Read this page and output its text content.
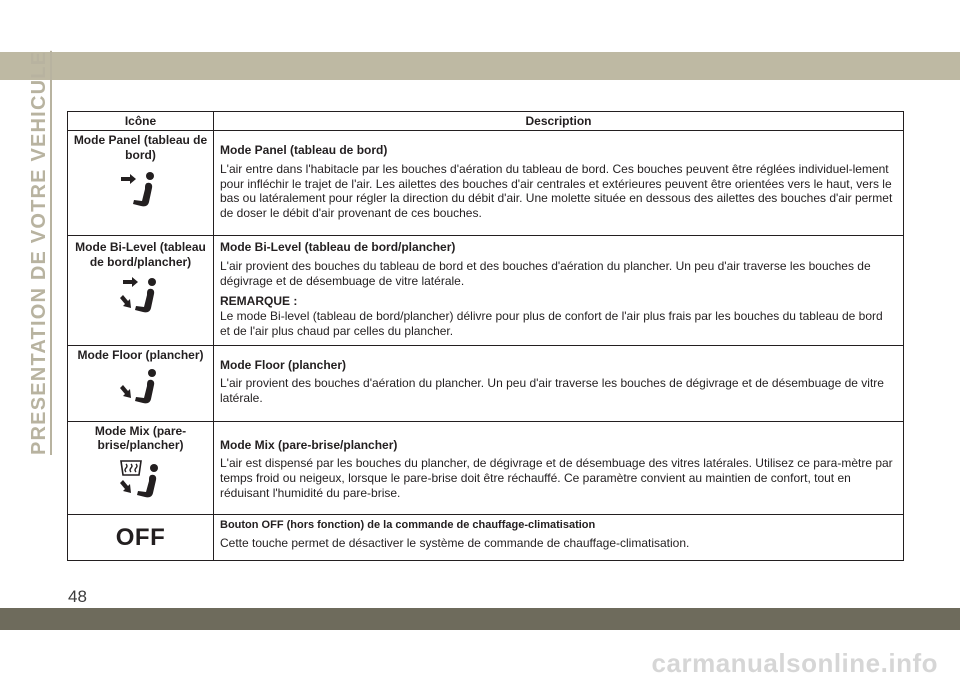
PRESENTATION DE VOTRE VEHICULE	Icône	Description

Mode Panel (tableau de bord)	Mode Panel (tableau de bord)

L'air entre dans l'habitacle par les bouches d'aération du tableau de bord. Ces bouches peuvent être réglées individuel-lement pour infléchir le trajet de l'air. Les ailettes des bouches d'air centrales et extérieures peuvent être orientées vers le haut, vers le bas ou latéralement pour régler la direction du débit d'air. Une molette située en dessous des ailettes des bouches d'air permet de doser le débit d'air provenant de ces bouches.

Mode Bi-Level (tableau de bord/plancher)	Mode Bi-Level (tableau de bord/plancher)

L'air provient des bouches du tableau de bord et des bouches d'aération du plancher. Un peu d'air traverse les bouches de dégivrage et de désembuage de vitre latérale.

REMARQUE :

Le mode Bi-level (tableau de bord/plancher) délivre pour plus de confort de l'air plus frais par les bouches du tableau de bord et de l'air plus chaud par celles du plancher.

Mode Floor (plancher)	Mode Floor (plancher)

L'air provient des bouches d'aération du plancher. Un peu d'air traverse les bouches de dégivrage et de désembuage de vitre latérale.

Mode Mix (pare-brise/plancher)	Mode Mix (pare-brise/plancher)

L'air est dispensé par les bouches du plancher, de dégivrage et de désembuage des vitres latérales. Utilisez ce para-mètre par temps froid ou neigeux, lorsque le pare-brise doit être réchauffé. Ce paramètre convient au maintien de confort, tout en réduisant l'humidité du pare-brise.

OFF	Bouton OFF (hors fonction) de la commande de chauffage-climatisation

Cette touche permet de désactiver le système de commande de chauffage-climatisation.

48
carmanualsonline.info
